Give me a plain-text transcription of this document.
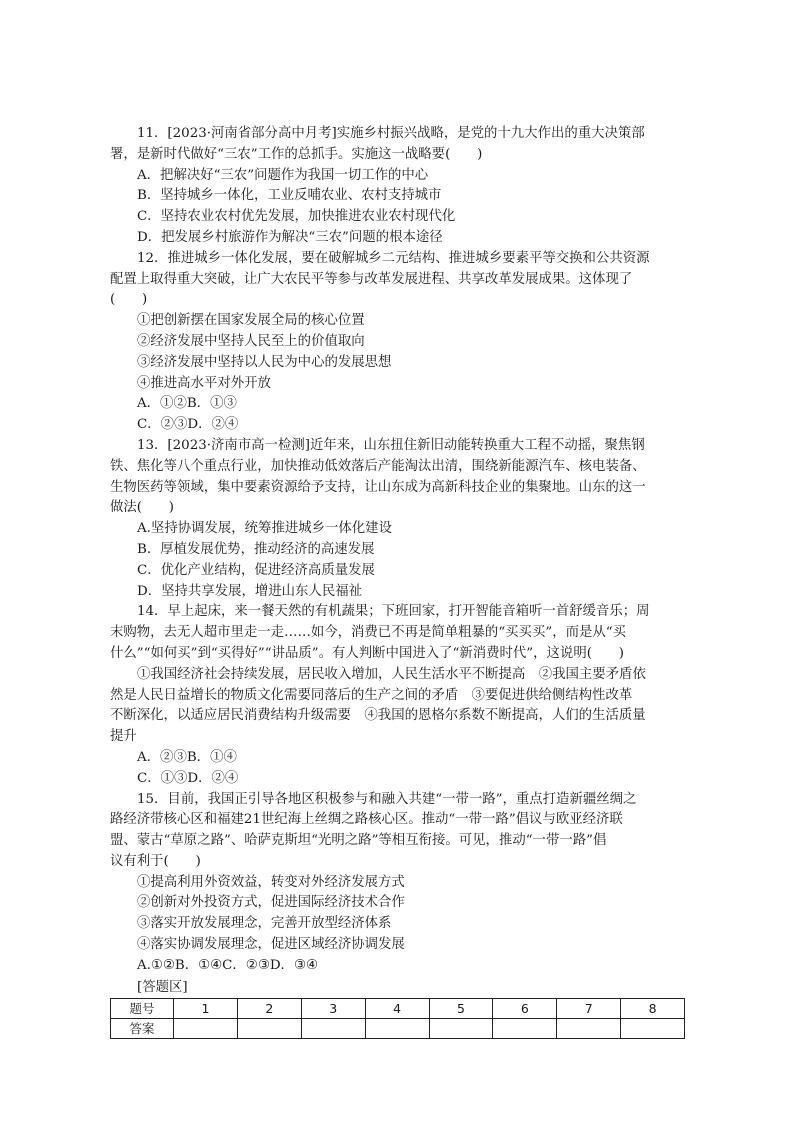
11．[2023·河南省部分高中月考]实施乡村振兴战略，是党的十九大作出的重大决策部

署，是新时代做好“三农”工作的总抓手。实施这一战略要(　　)

A．把解决好“三农”问题作为我国一切工作的中心

B．坚持城乡一体化，工业反哺农业、农村支持城市

C．坚持农业农村优先发展，加快推进农业农村现代化

D．把发展乡村旅游作为解决“三农”问题的根本途径

12．推进城乡一体化发展，要在破解城乡二元结构、推进城乡要素平等交换和公共资源

配置上取得重大突破，让广大农民平等参与改革发展进程、共享改革发展成果。这体现了

(　　)

①把创新摆在国家发展全局的核心位置

②经济发展中坚持人民至上的价值取向

③经济发展中坚持以人民为中心的发展思想

④推进高水平对外开放

A．①②B．①③

C．②③D．②④

13．[2023·济南市高一检测]近年来，山东扭住新旧动能转换重大工程不动摇，聚焦钢

铁、焦化等八个重点行业，加快推动低效落后产能淘汰出清，围绕新能源汽车、核电装备、

生物医药等领域，集中要素资源给予支持，让山东成为高新科技企业的集聚地。山东的这一

做法(　　)

A.坚持协调发展，统筹推进城乡一体化建设

B．厚植发展优势，推动经济的高速发展

C．优化产业结构，促进经济高质量发展

D．坚持共享发展，增进山东人民福祉

14．早上起床，来一餐天然的有机蔬果；下班回家，打开智能音箱听一首舒缓音乐；周

末购物，去无人超市里走一走……如今，消费已不再是简单粗暴的“买买买”，而是从“买

什么”“如何买”到“买得好”“讲品质”。有人判断中国进入了“新消费时代”，这说明(　　)

①我国经济社会持续发展，居民收入增加，人民生活水平不断提高　②我国主要矛盾依

然是人民日益增长的物质文化需要同落后的生产之间的矛盾　③要促进供给侧结构性改革

不断深化，以适应居民消费结构升级需要　④我国的恩格尔系数不断提高，人们的生活质量

提升

A．②③B．①④

C．①③D．②④

15．目前，我国正引导各地区积极参与和融入共建“一带一路”，重点打造新疆丝绸之

路经济带核心区和福建21世纪海上丝绸之路核心区。推动“一带一路”倡议与欧亚经济联

盟、蒙古“草原之路”、哈萨克斯坦“光明之路”等相互衔接。可见，推动“一带一路”倡

议有利于(　　)

①提高利用外资效益，转变对外经济发展方式

②创新对外投资方式，促进国际经济技术合作

③落实开放发展理念，完善开放型经济体系

④落实协调发展理念，促进区域经济协调发展

A.①②B．①④C．②③D．③④

[答题区]
题号	1	2	3	4	5	6	7	8
答案								
